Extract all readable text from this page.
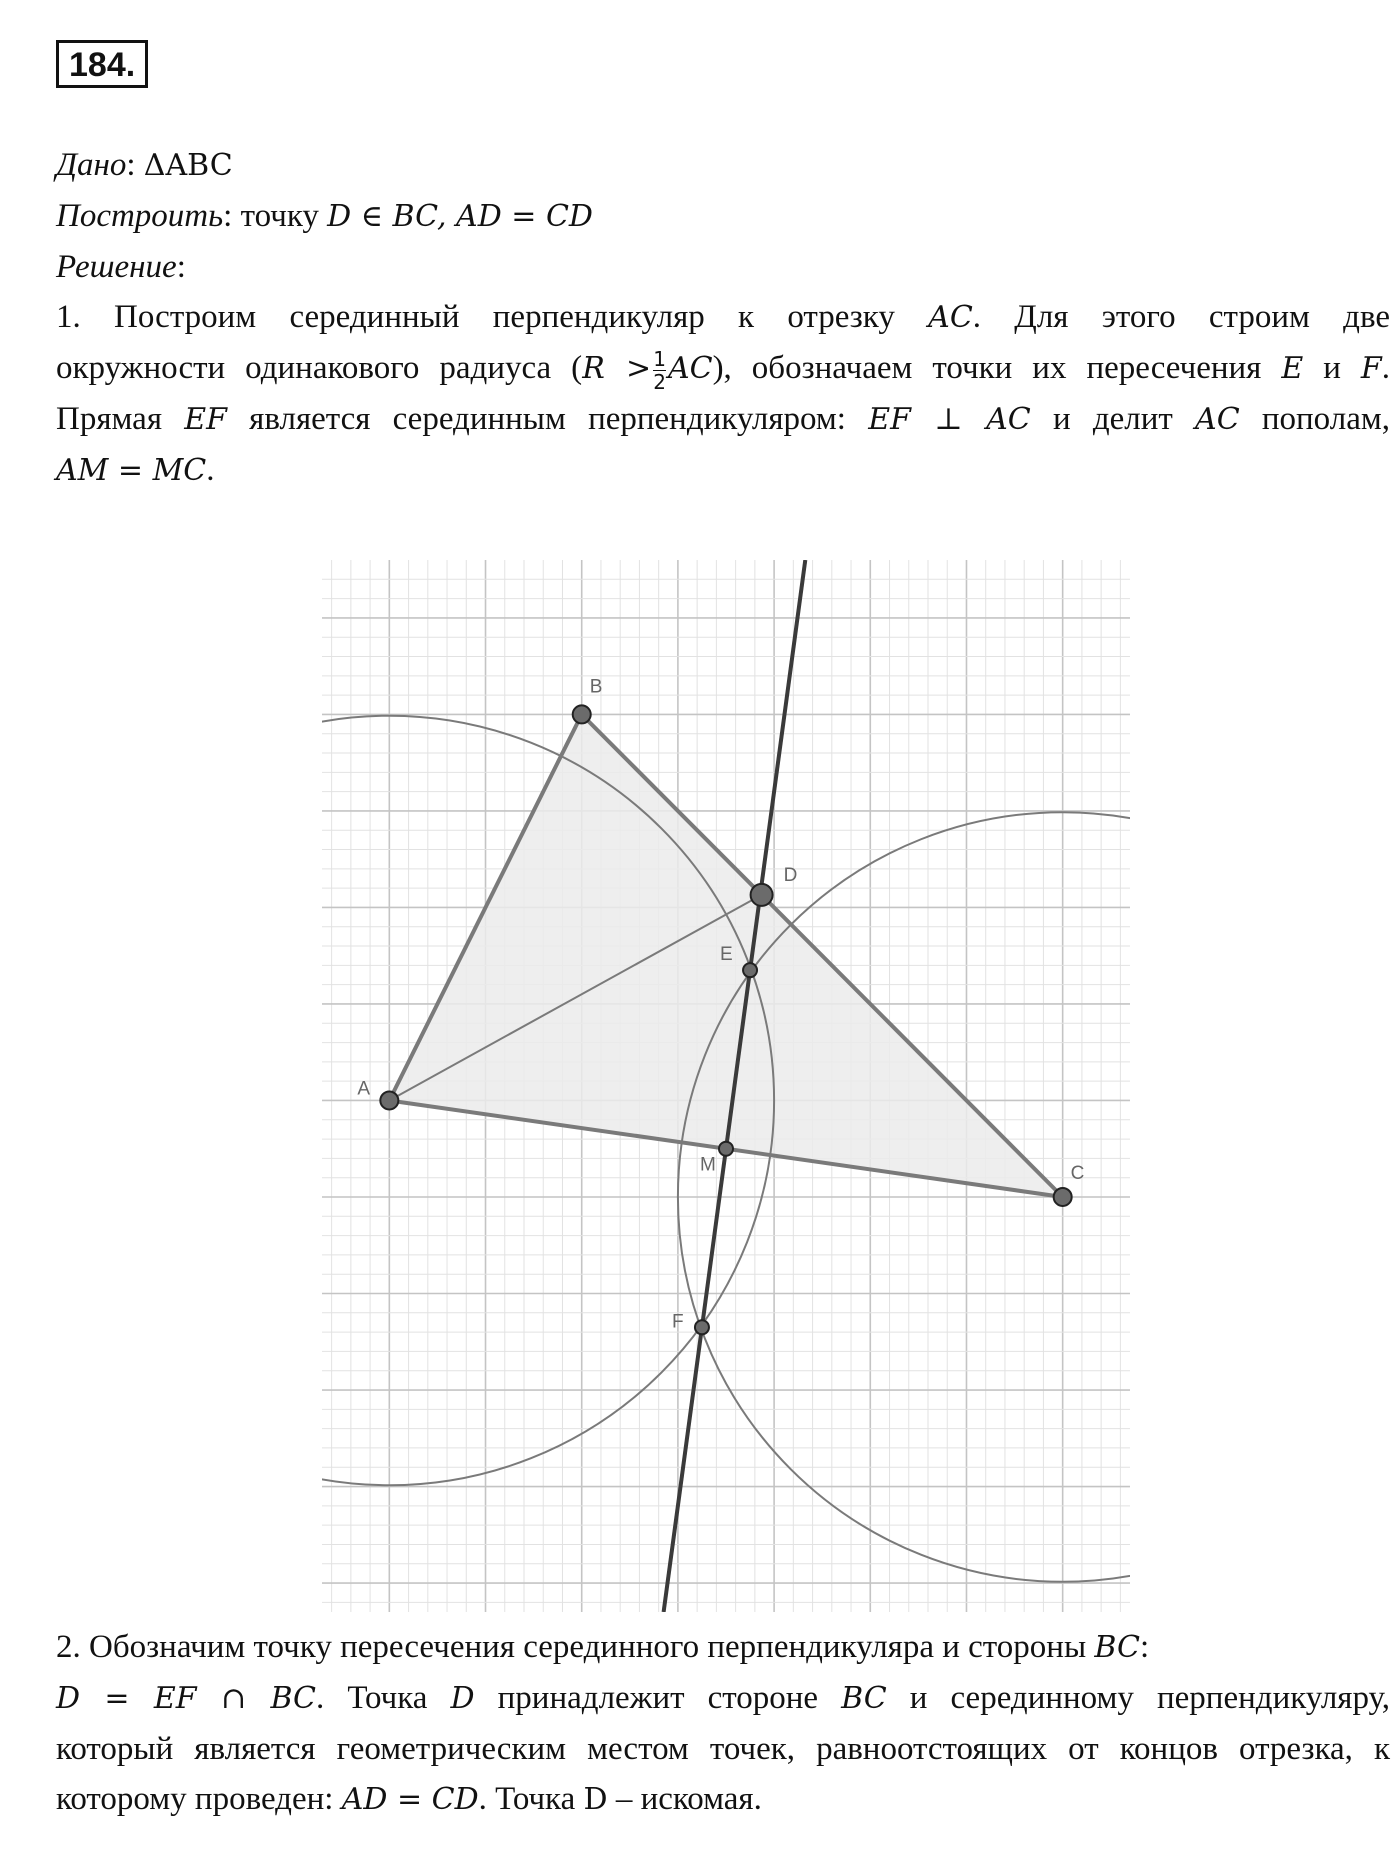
184.
Дано: ΔABC
Построить: точку D ∈ BC, AD = CD
Решение:
1. Построим серединный перпендикуляр к отрезку AC. Для этого строим две
окружности одинакового радиуса $(R > \frac{1}{2} AC)$, обозначаем точки их пересечения E и F.
Прямая EF является серединным перпендикуляром: EF ⊥ AC и делит AC пополам,
AM = MC.
A
B
C
D
E
F
M
2. Обозначим точку пересечения серединного перпендикуляра и стороны BC:
D = EF ∩ BC. Точка D принадлежит стороне BC и серединному перпендикуляру,
который является геометрическим местом точек, равноотстоящих от концов отрезка, к
которому проведен: AD = CD. Точка D – искомая.
